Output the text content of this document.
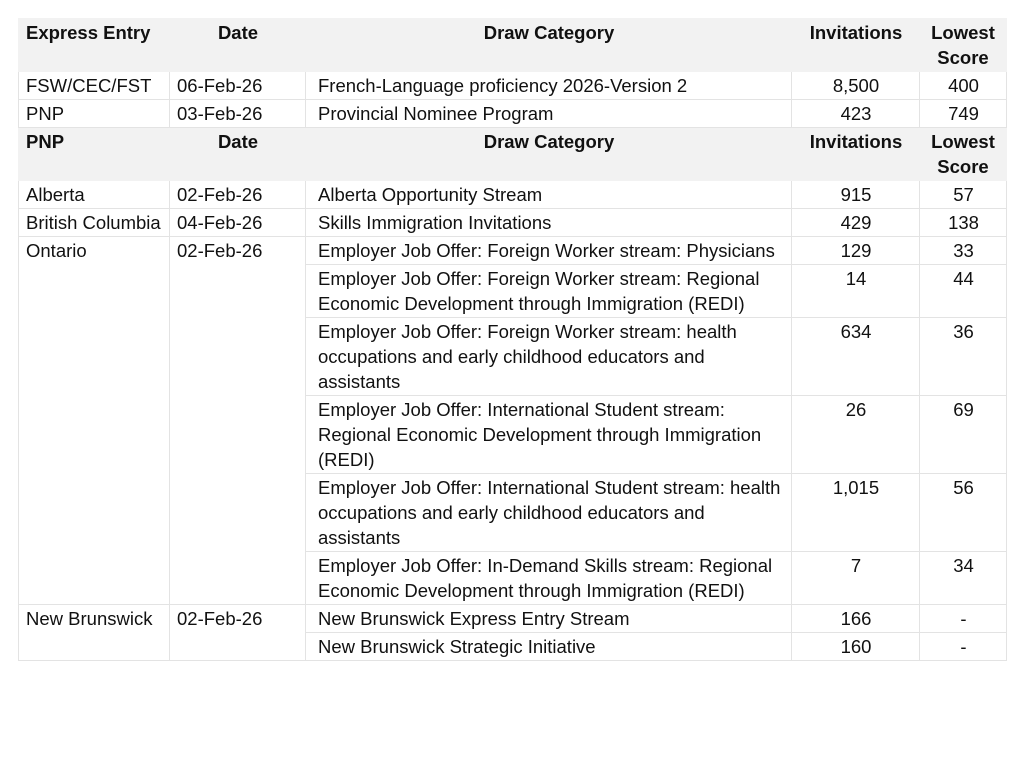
Express Entry	Date	Draw Category	Invitations	Lowest Score
FSW/CEC/FST	06-Feb-26	French-Language proficiency 2026-Version 2	8,500	400
PNP	03-Feb-26	Provincial Nominee Program	423	749
PNP	Date	Draw Category	Invitations	Lowest Score
Alberta	02-Feb-26	Alberta Opportunity Stream	915	57
British Columbia	04-Feb-26	Skills Immigration Invitations	429	138
Ontario	02-Feb-26	Employer Job Offer: Foreign Worker stream: Physicians	129	33
		Employer Job Offer: Foreign Worker stream: Regional Economic Development through Immigration (REDI)	14	44
		Employer Job Offer: Foreign Worker stream: health occupations and early childhood educators and assistants	634	36
		Employer Job Offer: International Student stream: Regional Economic Development through Immigration (REDI)	26	69
		Employer Job Offer: International Student stream: health occupations and early childhood educators and assistants	1,015	56
		Employer Job Offer: In-Demand Skills stream: Regional Economic Development through Immigration (REDI)	7	34
New Brunswick	02-Feb-26	New Brunswick Express Entry Stream	166	-
		New Brunswick Strategic Initiative	160	-
